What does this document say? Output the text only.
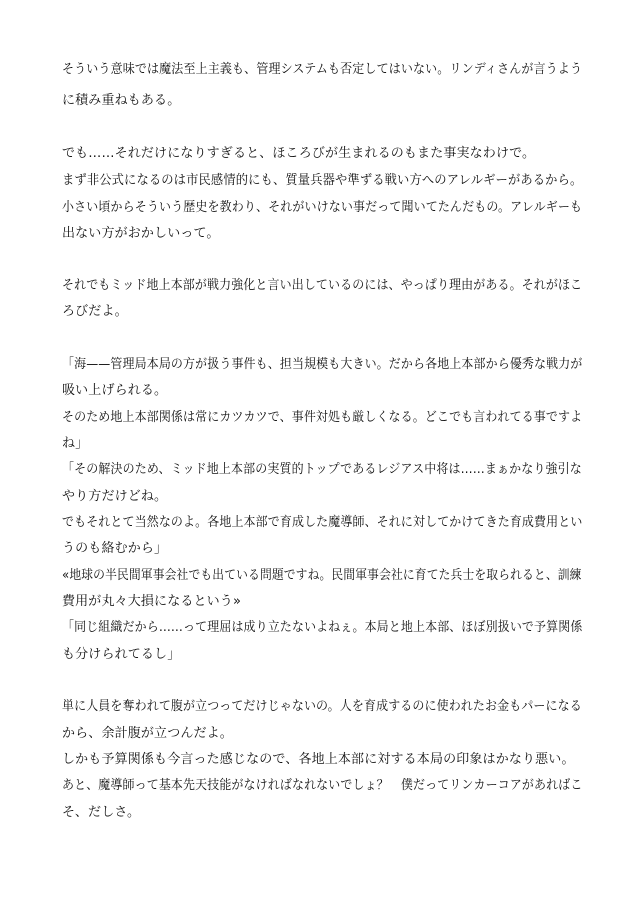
そういう意味では魔法至上主義も、管理システムも否定してはいない。リンディさんが言うよう

に積み重ねもある。

でも……それだけになりすぎると、ほころびが生まれるのもまた事実なわけで。

まず非公式になるのは市民感情的にも、質量兵器や準ずる戦い方へのアレルギーがあるから。

小さい頃からそういう歴史を教わり、それがいけない事だって聞いてたんだもの。アレルギーも

出ない方がおかしいって。

それでもミッド地上本部が戦力強化と言い出しているのには、やっぱり理由がある。それがほこ

ろびだよ。

「海——管理局本局の方が扱う事件も、担当規模も大きい。だから各地上本部から優秀な戦力が

吸い上げられる。

そのため地上本部関係は常にカツカツで、事件対処も厳しくなる。どこでも言われてる事ですよ

ね」

「その解決のため、ミッド地上本部の実質的トップであるレジアス中将は……まぁかなり強引な

やり方だけどね。

でもそれとて当然なのよ。各地上本部で育成した魔導師、それに対してかけてきた育成費用とい

うのも絡むから」

«地球の半民間軍事会社でも出ている問題ですね。民間軍事会社に育てた兵士を取られると、訓練

費用が丸々大損になるという»

「同じ組織だから……って理屈は成り立たないよねぇ。本局と地上本部、ほぼ別扱いで予算関係

も分けられてるし」

単に人員を奪われて腹が立つってだけじゃないの。人を育成するのに使われたお金もパーになる

から、余計腹が立つんだよ。

しかも予算関係も今言った感じなので、各地上本部に対する本局の印象はかなり悪い。

あと、魔導師って基本先天技能がなければなれないでしょ？　僕だってリンカーコアがあればこ

そ、だしさ。
